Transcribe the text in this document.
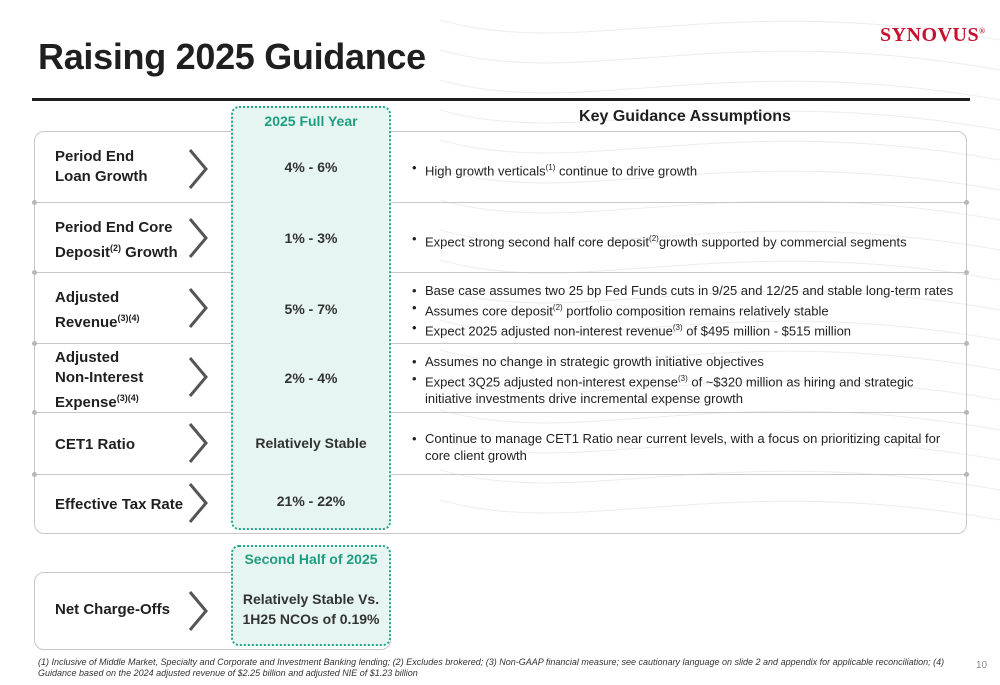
SYNOVUS®
Raising 2025 Guidance
2025 Full Year
Second Half of 2025
Key Guidance Assumptions
Period End
Loan Growth
Period End Core
Deposit$^{(2)}$ Growth
Adjusted
Revenue$^{(3)(4)}$
Adjusted
Non-Interest
Expense$^{(3)(4)}$
CET1 Ratio
Effective Tax Rate
Net Charge-Offs
4% - 6%
1% - 3%
5% - 7%
2% - 4%
Relatively Stable
21% - 22%
Relatively Stable Vs.
1H25 NCOs of 0.19%
• High growth verticals$^{(1)}$ continue to drive growth
• Expect strong second half core deposit$^{(2)}$growth supported by commercial segments
• Base case assumes two 25 bp Fed Funds cuts in 9/25 and 12/25 and stable long-term rates
• Assumes core deposit$^{(2)}$ portfolio composition remains relatively stable
• Expect 2025 adjusted non-interest revenue$^{(3)}$ of $495 million - $515 million
• Assumes no change in strategic growth initiative objectives
• Expect 3Q25 adjusted non-interest expense$^{(3)}$ of ~$320 million as hiring and strategic initiative investments drive incremental expense growth
• Continue to manage CET1 Ratio near current levels, with a focus on prioritizing capital for core client growth
(1) Inclusive of Middle Market, Specialty and Corporate and Investment Banking lending; (2) Excludes brokered; (3) Non-GAAP financial measure; see cautionary language on slide 2 and appendix for applicable reconciliation; (4) Guidance based on the 2024 adjusted revenue of $2.25 billion and adjusted NIE of $1.23 billion
10
